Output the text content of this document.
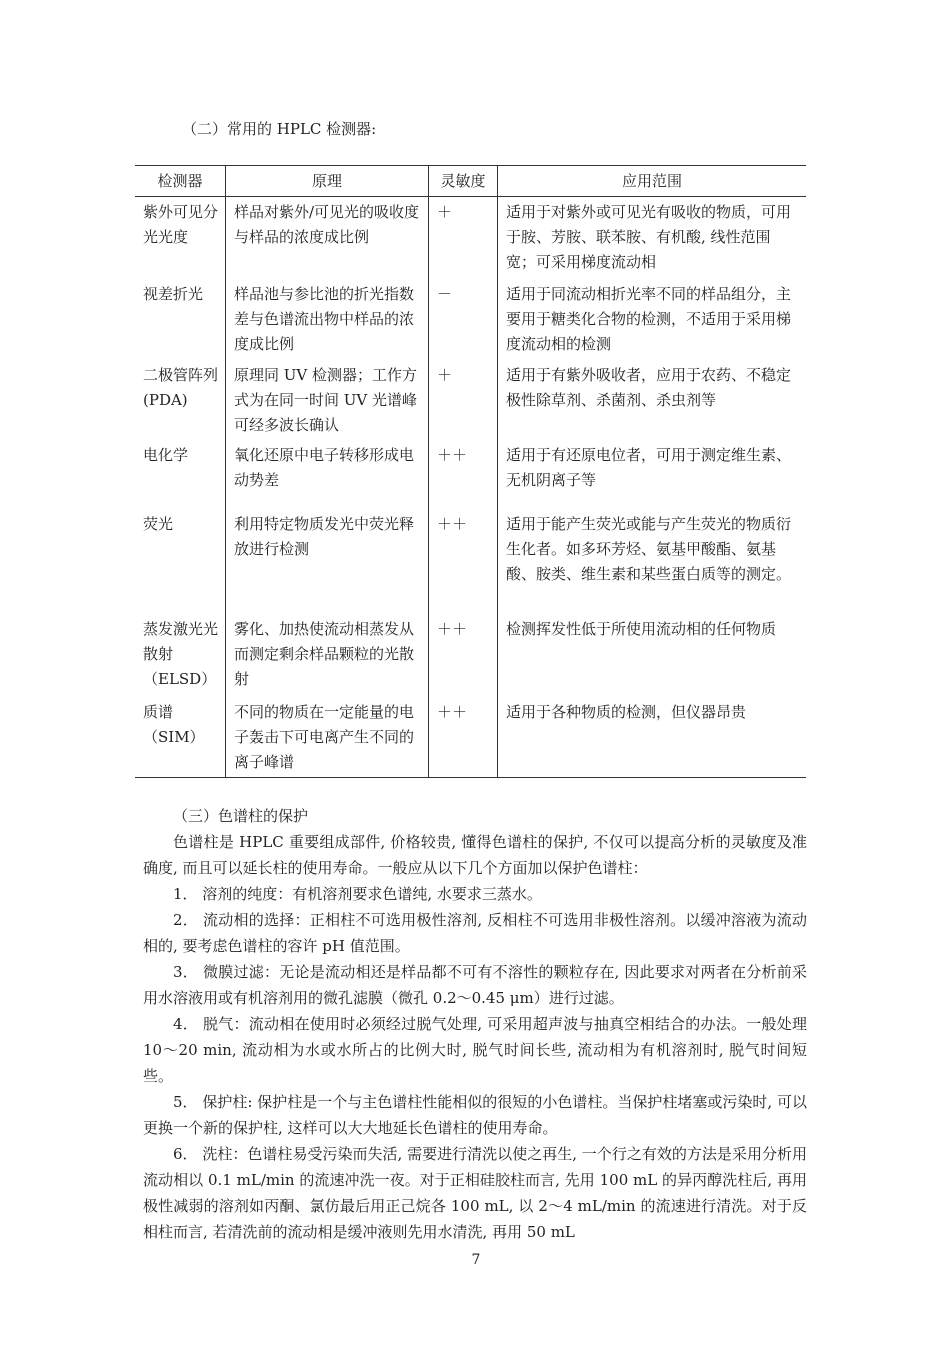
（二）常用的 HPLC 检测器:
检测器	原理	灵敏度	应用范围
紫外可见分光光度	样品对紫外/可见光的吸收度与样品的浓度成比例	＋	适用于对紫外或可见光有吸收的物质，可用于胺、芳胺、联苯胺、有机酸, 线性范围宽；可采用梯度流动相
视差折光	样品池与参比池的折光指数差与色谱流出物中样品的浓度成比例	－	适用于同流动相折光率不同的样品组分，主要用于糖类化合物的检测，不适用于采用梯度流动相的检测
二极管阵列 (PDA)	原理同 UV 检测器；工作方式为在同一时间 UV 光谱峰可经多波长确认	＋	适用于有紫外吸收者，应用于农药、不稳定极性除草剂、杀菌剂、杀虫剂等
电化学	氧化还原中电子转移形成电动势差	＋＋	适用于有还原电位者，可用于测定维生素、无机阴离子等
荧光	利用特定物质发光中荧光释放进行检测	＋＋	适用于能产生荧光或能与产生荧光的物质衍生化者。如多环芳烃、氨基甲酸酯、氨基酸、胺类、维生素和某些蛋白质等的测定。
蒸发激光光散射（ELSD）	雾化、加热使流动相蒸发从而测定剩余样品颗粒的光散射	＋＋	检测挥发性低于所使用流动相的任何物质
质谱（SIM）	不同的物质在一定能量的电子轰击下可电离产生不同的离子峰谱	＋＋	适用于各种物质的检测，但仪器昂贵

（三）色谱柱的保护

色谱柱是 HPLC 重要组成部件, 价格较贵, 懂得色谱柱的保护, 不仅可以提高分析的灵敏度及准确度, 而且可以延长柱的使用寿命。一般应从以下几个方面加以保护色谱柱：

1． 溶剂的纯度：有机溶剂要求色谱纯, 水要求三蒸水。

2． 流动相的选择：正相柱不可选用极性溶剂, 反相柱不可选用非极性溶剂。以缓冲溶液为流动相的, 要考虑色谱柱的容许 pH 值范围。

3． 微膜过滤：无论是流动相还是样品都不可有不溶性的颗粒存在, 因此要求对两者在分析前采用水溶液用或有机溶剂用的微孔滤膜（微孔 0.2～0.45 μm）进行过滤。

4． 脱气：流动相在使用时必须经过脱气处理, 可采用超声波与抽真空相结合的办法。一般处理 10～20 min, 流动相为水或水所占的比例大时, 脱气时间长些, 流动相为有机溶剂时, 脱气时间短些。

5． 保护柱: 保护柱是一个与主色谱柱性能相似的很短的小色谱柱。当保护柱堵塞或污染时, 可以更换一个新的保护柱, 这样可以大大地延长色谱柱的使用寿命。

6． 洗柱：色谱柱易受污染而失活, 需要进行清洗以使之再生, 一个行之有效的方法是采用分析用流动相以 0.1 mL/min 的流速冲洗一夜。对于正相硅胶柱而言, 先用 100 mL 的异丙醇洗柱后, 再用极性减弱的溶剂如丙酮、氯仿最后用正己烷各 100 mL, 以 2～4 mL/min 的流速进行清洗。对于反相柱而言, 若清洗前的流动相是缓冲液则先用水清洗, 再用 50 mL

7
